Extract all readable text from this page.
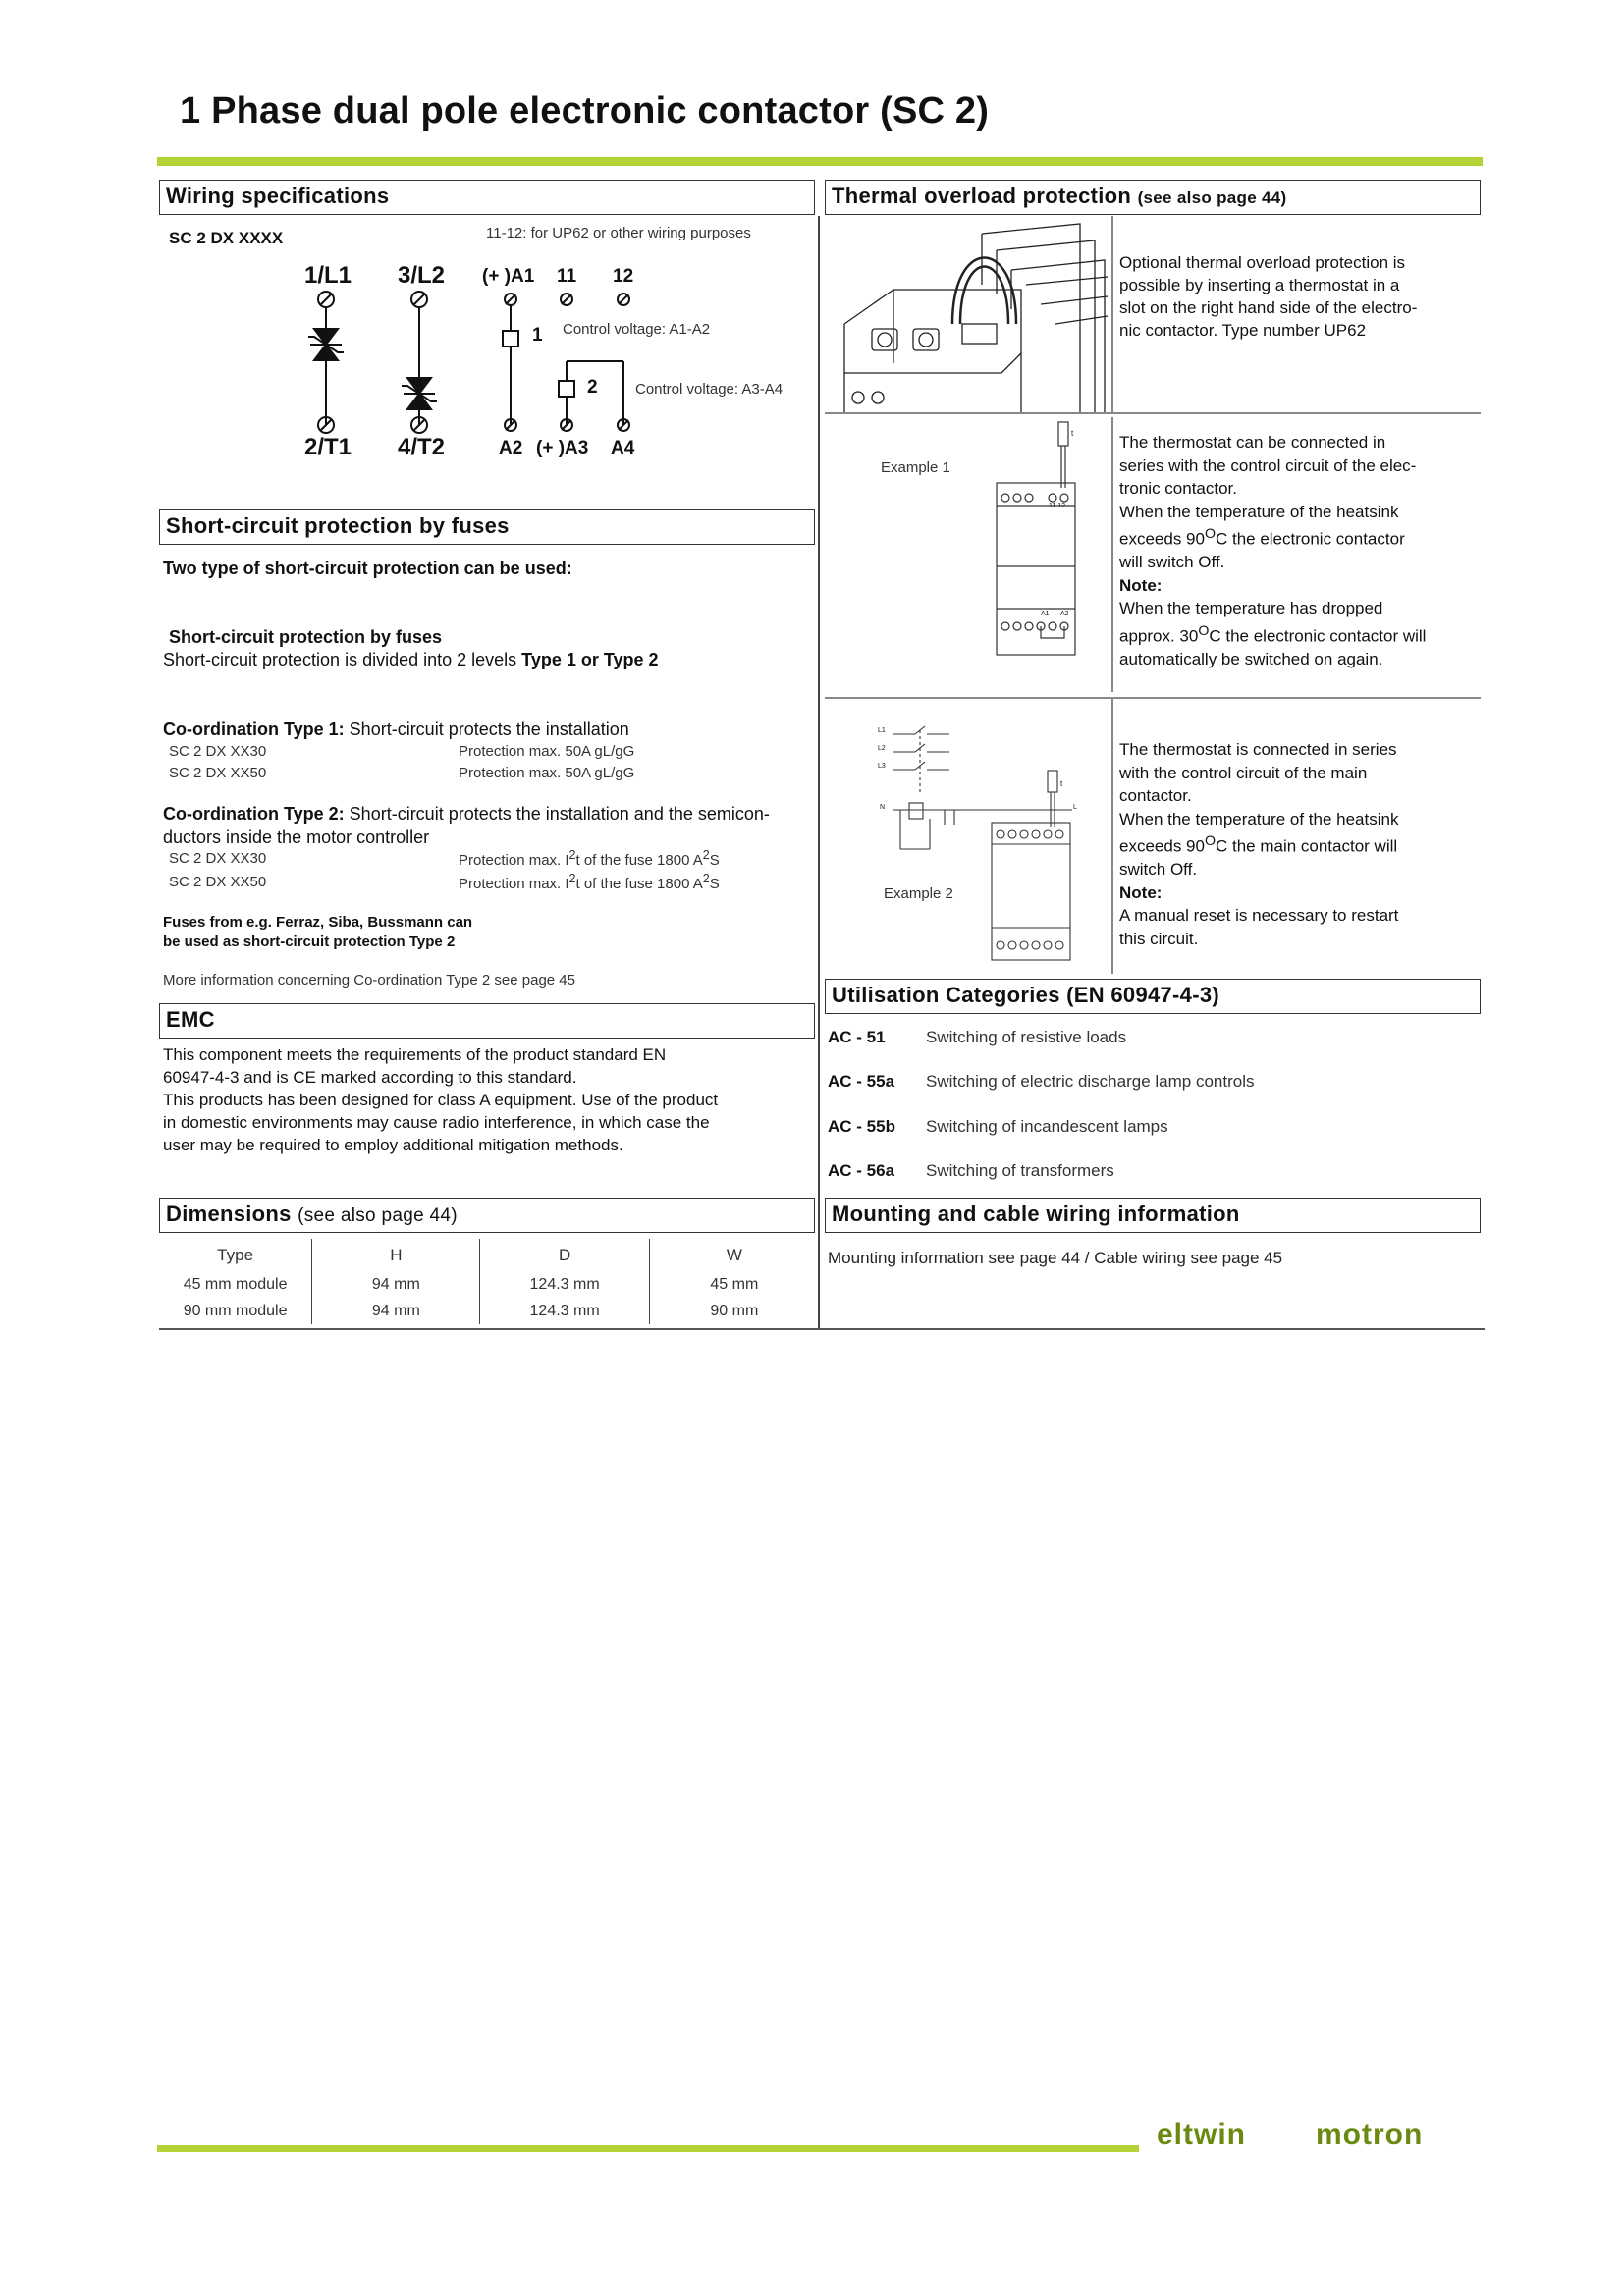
1 Phase dual pole electronic contactor (SC 2)
Wiring specifications
SC 2 DX XXXX	11-12: for UP62 or other wiring purposes
1/L1 3/L2 (+ )A1 11 12
2/T1 4/T2	A2 (+ )A3 A4
1
2
Control voltage: A1-A2
Control voltage: A3-A4
Short-circuit protection by fuses
Two type of short-circuit protection can be used:
Short-circuit protection by fuses
Short-circuit protection is divided into 2 levels Type 1 or Type 2
Co-ordination Type 1: Short-circuit protects the installation
SC 2 DX XX30	Protection max. 50A gL/gG
SC 2 DX XX50	Protection max. 50A gL/gG
Co-ordination Type 2: Short-circuit protects the installation and the semicon-
ductors inside the motor controller
SC 2 DX XX30	Protection max. $I^2t$ of the fuse 1800 $A^2S$
SC 2 DX XX50	Protection max. $I^2t$ of the fuse 1800 $A^2S$
Fuses from e.g. Ferraz, Siba, Bussmann can
be used as short-circuit protection Type 2
More information concerning Co-ordination Type 2 see page 45
EMC
This component meets the requirements of the product standard EN
60947-4-3 and is CE marked according to this standard.
This products has been designed for class A equipment. Use of the product
in domestic environments may cause radio interference, in which case the
user may be required to employ additional mitigation methods.
Dimensions (see also page 44)
Type	H	D	W
45 mm module	94 mm	124.3 mm	45 mm
90 mm module	94 mm	124.3 mm	90 mm
Thermal overload protection (see also page 44)
Optional thermal overload protection is
possible by inserting a thermostat in a
slot on the right hand side of the electro-
nic contactor. Type number UP62
Example 1
t
11 12
A1 A2
The thermostat can be connected in
series with the control circuit of the elec-
tronic contactor.
When the temperature of the heatsink
exceeds $90^OC$ the electronic contactor
will switch Off.
Note:
When the temperature has dropped
approx. $30^OC$ the electronic contactor will
automatically be switched on again.
Example 2
L1
L2
L3
N	L
t
The thermostat is connected in series
with the control circuit of the main
contactor.
When the temperature of the heatsink
exceeds $90^OC$ the main contactor will
switch Off.
Note:
A manual reset is necessary to restart
this circuit.
Utilisation Categories (EN 60947-4-3)
AC - 51 Switching of resistive loads
AC - 55a Switching of electric discharge lamp controls
AC - 55b Switching of incandescent lamps
AC - 56a Switching of transformers
Mounting and cable wiring information
Mounting information see page 44 / Cable wiring see page 45
eltwin motron
